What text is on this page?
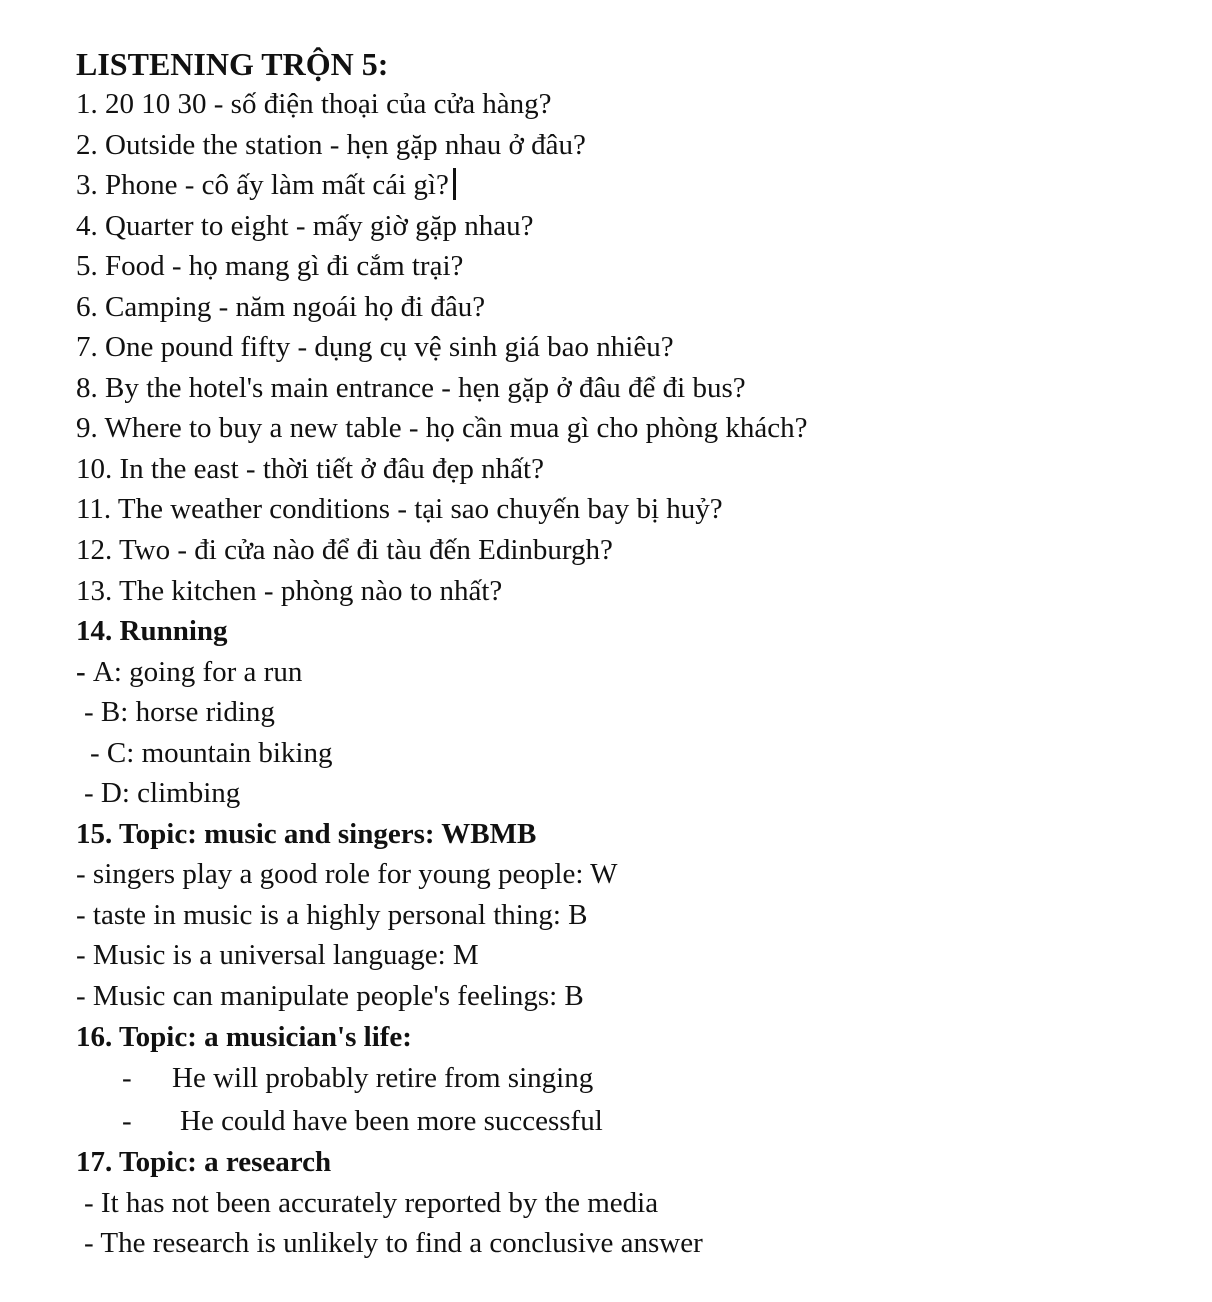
LISTENING TRỘN 5:
1. 20 10 30 - số điện thoại của cửa hàng?
2. Outside the station - hẹn gặp nhau ở đâu?
3. Phone - cô ấy làm mất cái gì?
4. Quarter to eight - mấy giờ gặp nhau?
5. Food - họ mang gì đi cắm trại?
6. Camping - năm ngoái họ đi đâu?
7. One pound fifty - dụng cụ vệ sinh giá bao nhiêu?
8. By the hotel's main entrance - hẹn gặp ở đâu để đi bus?
9. Where to buy a new table - họ cần mua gì cho phòng khách?
10. In the east - thời tiết ở đâu đẹp nhất?
11. The weather conditions - tại sao chuyến bay bị huỷ?
12. Two - đi cửa nào để đi tàu đến Edinburgh?
13. The kitchen - phòng nào to nhất?
14. Running
- A: going for a run
- B: horse riding
- C: mountain biking
- D: climbing
15. Topic: music and singers: WBMB
- singers play a good role for young people: W
- taste in music is a highly personal thing: B
- Music is a universal language: M
- Music can manipulate people's feelings: B
16. Topic: a musician's life:
- He will probably retire from singing
- He could have been more successful
17. Topic: a research
- It has not been accurately reported by the media
- The research is unlikely to find a conclusive answer
